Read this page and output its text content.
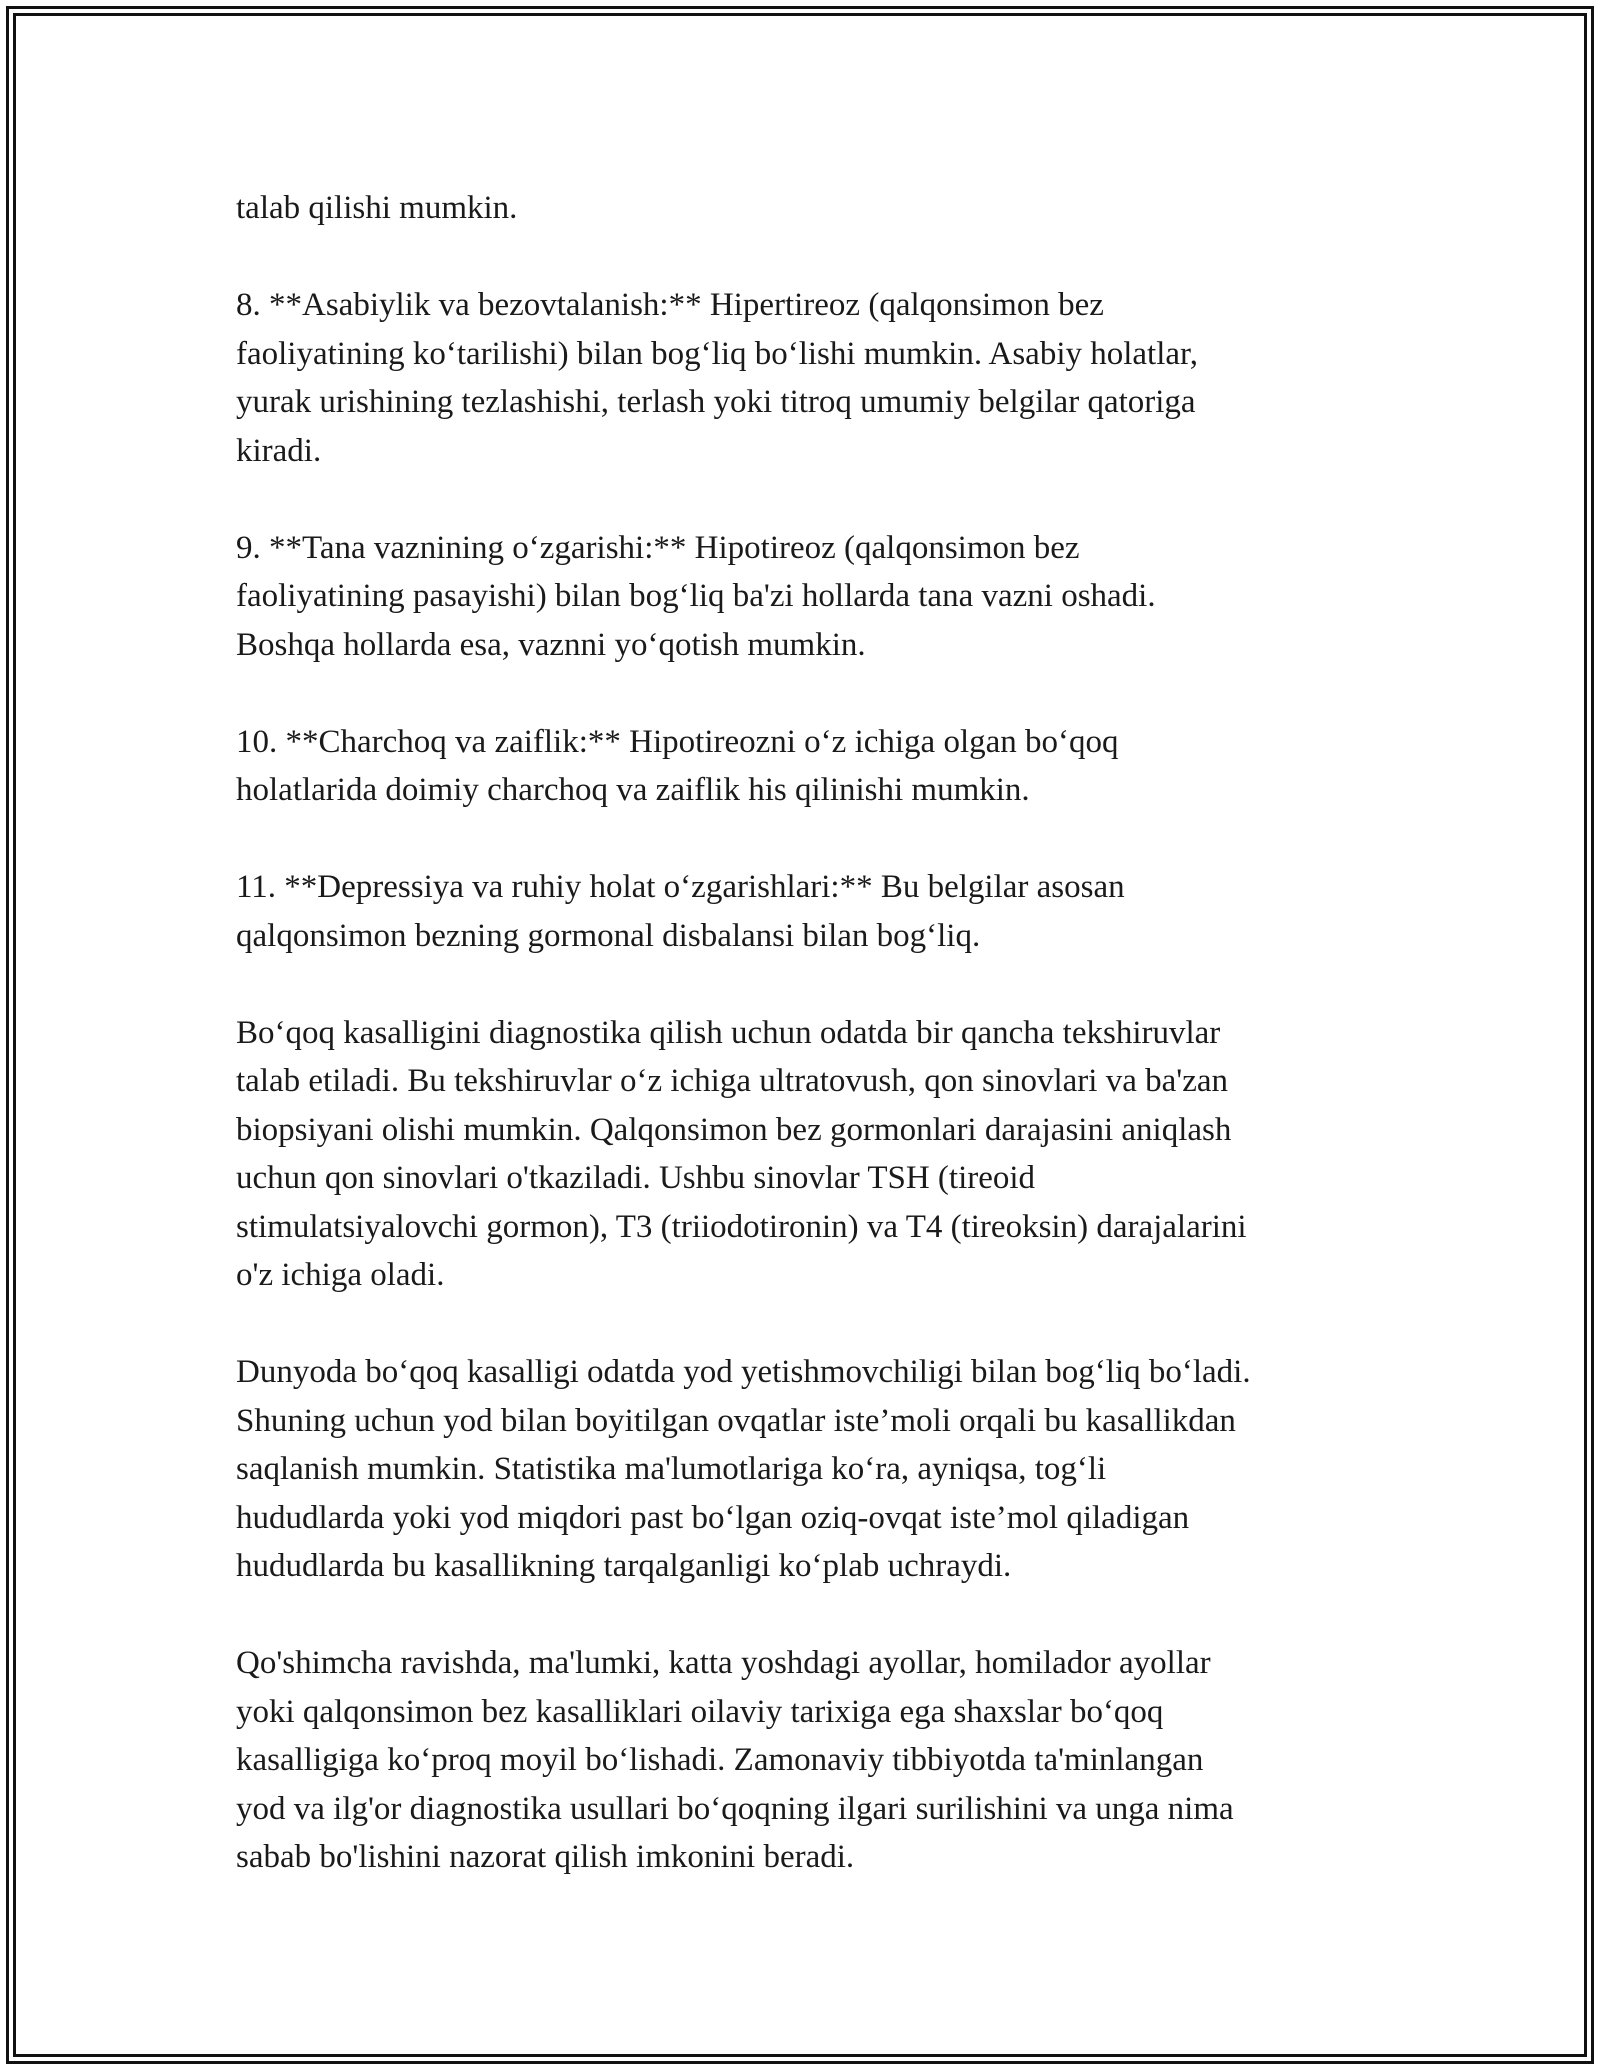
talab qilishi mumkin.

8. **Asabiylik va bezovtalanish:** Hipertireoz (qalqonsimon bez
faoliyatining ko‘tarilishi) bilan bog‘liq bo‘lishi mumkin. Asabiy holatlar,
yurak urishining tezlashishi, terlash yoki titroq umumiy belgilar qatoriga
kiradi.

9. **Tana vaznining o‘zgarishi:** Hipotireoz (qalqonsimon bez
faoliyatining pasayishi) bilan bog‘liq ba'zi hollarda tana vazni oshadi.
Boshqa hollarda esa, vaznni yo‘qotish mumkin.

10. **Charchoq va zaiflik:** Hipotireozni o‘z ichiga olgan bo‘qoq
holatlarida doimiy charchoq va zaiflik his qilinishi mumkin.

11. **Depressiya va ruhiy holat o‘zgarishlari:** Bu belgilar asosan
qalqonsimon bezning gormonal disbalansi bilan bog‘liq.

Bo‘qoq kasalligini diagnostika qilish uchun odatda bir qancha tekshiruvlar
talab etiladi. Bu tekshiruvlar o‘z ichiga ultratovush, qon sinovlari va ba'zan
biopsiyani olishi mumkin. Qalqonsimon bez gormonlari darajasini aniqlash
uchun qon sinovlari o'tkaziladi. Ushbu sinovlar TSH (tireoid
stimulatsiyalovchi gormon), T3 (triiodotironin) va T4 (tireoksin) darajalarini
o'z ichiga oladi.

Dunyoda bo‘qoq kasalligi odatda yod yetishmovchiligi bilan bog‘liq bo‘ladi.
Shuning uchun yod bilan boyitilgan ovqatlar iste’moli orqali bu kasallikdan
saqlanish mumkin. Statistika ma'lumotlariga ko‘ra, ayniqsa, tog‘li
hududlarda yoki yod miqdori past bo‘lgan oziq-ovqat iste’mol qiladigan
hududlarda bu kasallikning tarqalganligi ko‘plab uchraydi.

Qo'shimcha ravishda, ma'lumki, katta yoshdagi ayollar, homilador ayollar
yoki qalqonsimon bez kasalliklari oilaviy tarixiga ega shaxslar bo‘qoq
kasalligiga ko‘proq moyil bo‘lishadi. Zamonaviy tibbiyotda ta'minlangan
yod va ilg'or diagnostika usullari bo‘qoqning ilgari surilishini va unga nima
sabab bo'lishini nazorat qilish imkonini beradi.
